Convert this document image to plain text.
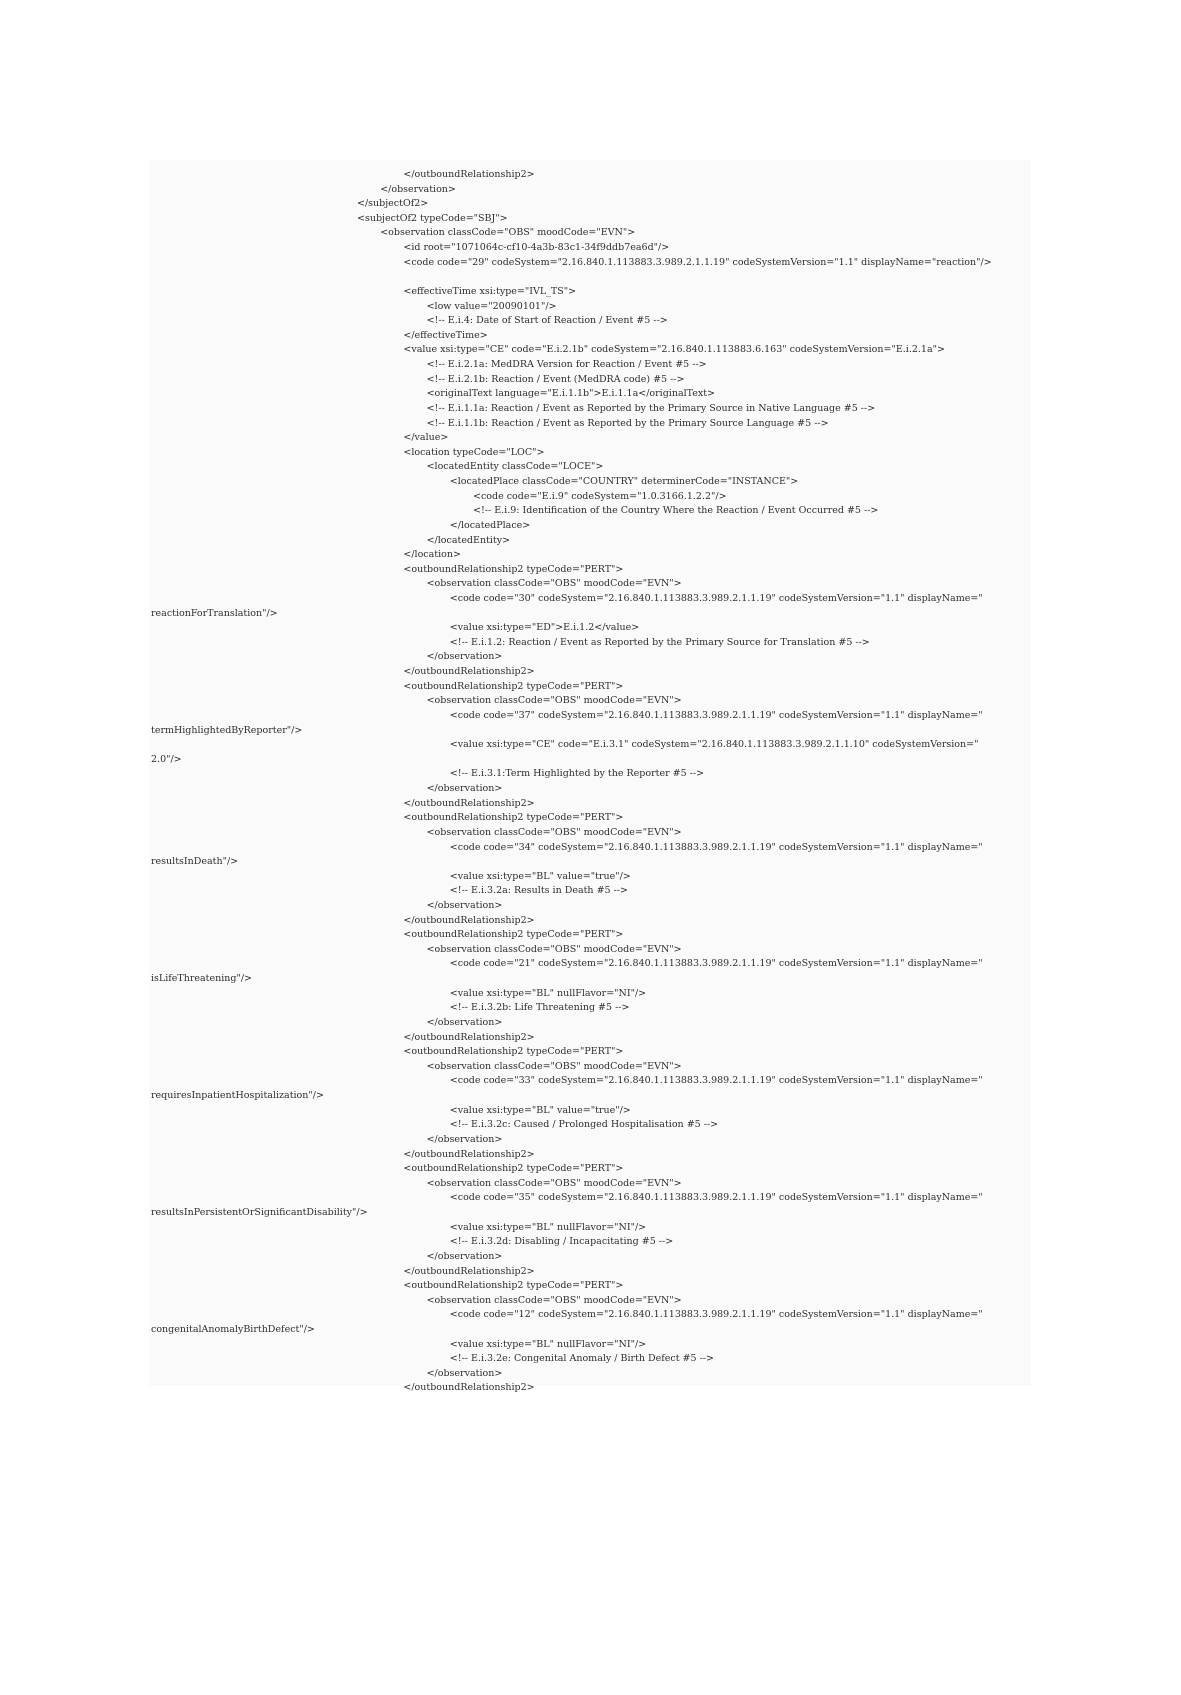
</outboundRelationship2>
</observation>
</subjectOf2>
<subjectOf2 typeCode="SBJ">
<observation classCode="OBS" moodCode="EVN">
<id root="1071064c-cf10-4a3b-83c1-34f9ddb7ea6d"/>
<code code="29" codeSystem="2.16.840.1.113883.3.989.2.1.1.19" codeSystemVersion="1.1" displayName="reaction"/>
<effectiveTime xsi:type="IVL_TS">
<low value="20090101"/>
<!-- E.i.4: Date of Start of Reaction / Event #5 -->
</effectiveTime>
<value xsi:type="CE" code="E.i.2.1b" codeSystem="2.16.840.1.113883.6.163" codeSystemVersion="E.i.2.1a">
<!-- E.i.2.1a: MedDRA Version for Reaction / Event #5 -->
<!-- E.i.2.1b: Reaction / Event (MedDRA code) #5 -->
<originalText language="E.i.1.1b">E.i.1.1a</originalText>
<!-- E.i.1.1a: Reaction / Event as Reported by the Primary Source in Native Language #5 -->
<!-- E.i.1.1b: Reaction / Event as Reported by the Primary Source Language #5 -->
</value>
<location typeCode="LOC">
<locatedEntity classCode="LOCE">
<locatedPlace classCode="COUNTRY" determinerCode="INSTANCE">
<code code="E.i.9" codeSystem="1.0.3166.1.2.2"/>
<!-- E.i.9: Identification of the Country Where the Reaction / Event Occurred #5 -->
</locatedPlace>
</locatedEntity>
</location>
<outboundRelationship2 typeCode="PERT">
<observation classCode="OBS" moodCode="EVN">
<code code="30" codeSystem="2.16.840.1.113883.3.989.2.1.1.19" codeSystemVersion="1.1" displayName="
reactionForTranslation"/>
<value xsi:type="ED">E.i.1.2</value>
<!-- E.i.1.2: Reaction / Event as Reported by the Primary Source for Translation #5 -->
</observation>
</outboundRelationship2>
<outboundRelationship2 typeCode="PERT">
<observation classCode="OBS" moodCode="EVN">
<code code="37" codeSystem="2.16.840.1.113883.3.989.2.1.1.19" codeSystemVersion="1.1" displayName="
termHighlightedByReporter"/>
<value xsi:type="CE" code="E.i.3.1" codeSystem="2.16.840.1.113883.3.989.2.1.1.10" codeSystemVersion="
2.0"/>
<!-- E.i.3.1:Term Highlighted by the Reporter #5 -->
</observation>
</outboundRelationship2>
<outboundRelationship2 typeCode="PERT">
<observation classCode="OBS" moodCode="EVN">
<code code="34" codeSystem="2.16.840.1.113883.3.989.2.1.1.19" codeSystemVersion="1.1" displayName="
resultsInDeath"/>
<value xsi:type="BL" value="true"/>
<!-- E.i.3.2a: Results in Death #5 -->
</observation>
</outboundRelationship2>
<outboundRelationship2 typeCode="PERT">
<observation classCode="OBS" moodCode="EVN">
<code code="21" codeSystem="2.16.840.1.113883.3.989.2.1.1.19" codeSystemVersion="1.1" displayName="
isLifeThreatening"/>
<value xsi:type="BL" nullFlavor="NI"/>
<!-- E.i.3.2b: Life Threatening #5 -->
</observation>
</outboundRelationship2>
<outboundRelationship2 typeCode="PERT">
<observation classCode="OBS" moodCode="EVN">
<code code="33" codeSystem="2.16.840.1.113883.3.989.2.1.1.19" codeSystemVersion="1.1" displayName="
requiresInpatientHospitalization"/>
<value xsi:type="BL" value="true"/>
<!-- E.i.3.2c: Caused / Prolonged Hospitalisation #5 -->
</observation>
</outboundRelationship2>
<outboundRelationship2 typeCode="PERT">
<observation classCode="OBS" moodCode="EVN">
<code code="35" codeSystem="2.16.840.1.113883.3.989.2.1.1.19" codeSystemVersion="1.1" displayName="
resultsInPersistentOrSignificantDisability"/>
<value xsi:type="BL" nullFlavor="NI"/>
<!-- E.i.3.2d: Disabling / Incapacitating #5 -->
</observation>
</outboundRelationship2>
<outboundRelationship2 typeCode="PERT">
<observation classCode="OBS" moodCode="EVN">
<code code="12" codeSystem="2.16.840.1.113883.3.989.2.1.1.19" codeSystemVersion="1.1" displayName="
congenitalAnomalyBirthDefect"/>
<value xsi:type="BL" nullFlavor="NI"/>
<!-- E.i.3.2e: Congenital Anomaly / Birth Defect #5 -->
</observation>
</outboundRelationship2>
